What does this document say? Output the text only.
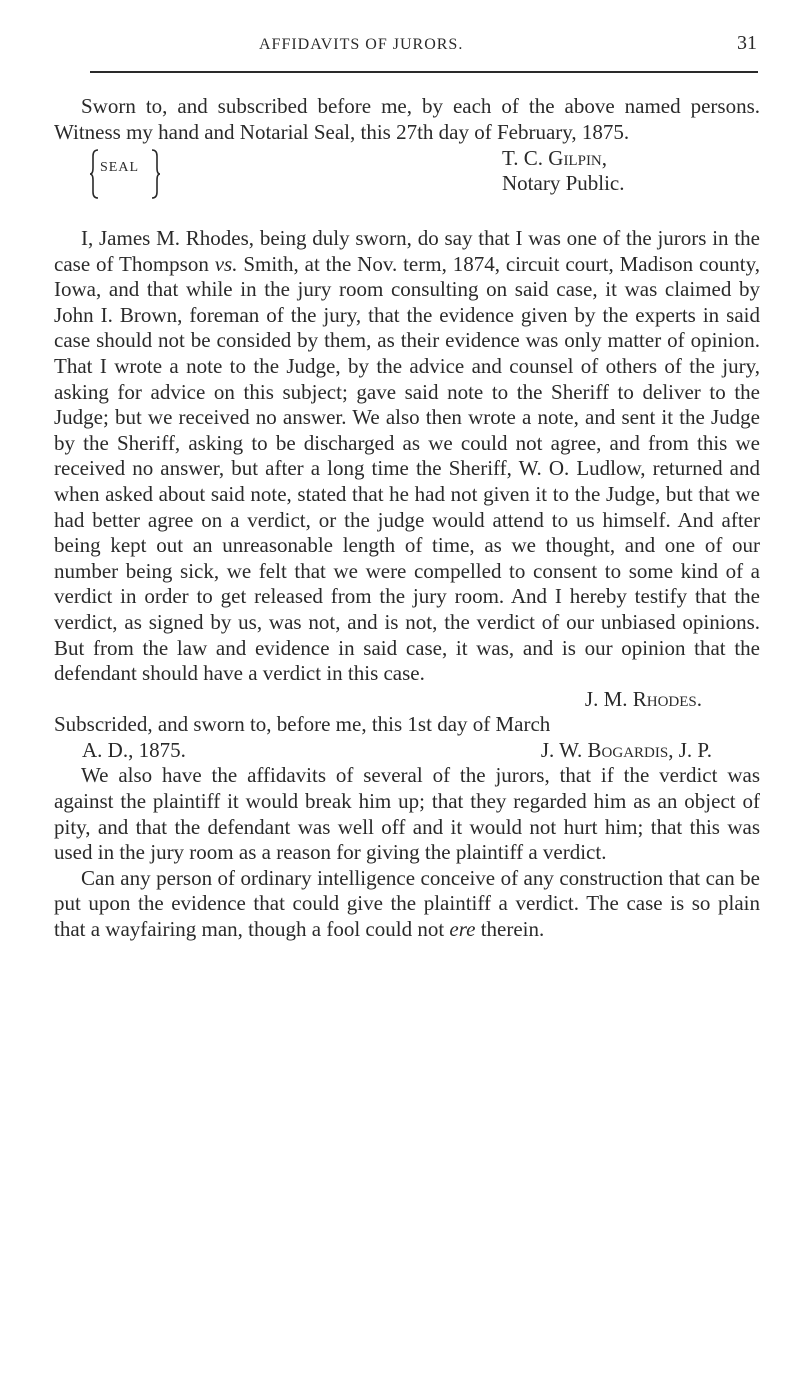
AFFIDAVITS OF JURORS.	31

Sworn to, and subscribed before me, by each of the above named persons. Witness my hand and Notarial Seal, this 27th day of February, 1875.

SEAL	T. C. Gilpin,
Notary Public.

I, James M. Rhodes, being duly sworn, do say that I was one of the jurors in the case of Thompson vs. Smith, at the Nov. term, 1874, circuit court, Madison county, Iowa, and that while in the jury room consulting on said case, it was claimed by John I. Brown, foreman of the jury, that the evidence given by the experts in said case should not be consided by them, as their evidence was only matter of opinion. That I wrote a note to the Judge, by the advice and counsel of others of the jury, asking for advice on this subject; gave said note to the Sheriff to deliver to the Judge; but we received no answer. We also then wrote a note, and sent it the Judge by the Sheriff, asking to be discharged as we could not agree, and from this we received no answer, but after a long time the Sheriff, W. O. Ludlow, returned and when asked about said note, stated that he had not given it to the Judge, but that we had better agree on a verdict, or the judge would attend to us himself. And after being kept out an unreasonable length of time, as we thought, and one of our number being sick, we felt that we were compelled to consent to some kind of a verdict in order to get released from the jury room. And I hereby testify that the verdict, as signed by us, was not, and is not, the verdict of our unbiased opinions. But from the law and evidence in said case, it was, and is our opinion that the defendant should have a verdict in this case.

J. M. Rhodes.

Subscrided, and sworn to, before me, this 1st day of March

A. D., 1875.	J. W. Bogardis, J. P.

We also have the affidavits of several of the jurors, that if the verdict was against the plaintiff it would break him up; that they regarded him as an object of pity, and that the defendant was well off and it would not hurt him; that this was used in the jury room as a reason for giving the plaintiff a verdict.

Can any person of ordinary intelligence conceive of any construction that can be put upon the evidence that could give the plaintiff a verdict. The case is so plain that a wayfairing man, though a fool could not ere therein.
